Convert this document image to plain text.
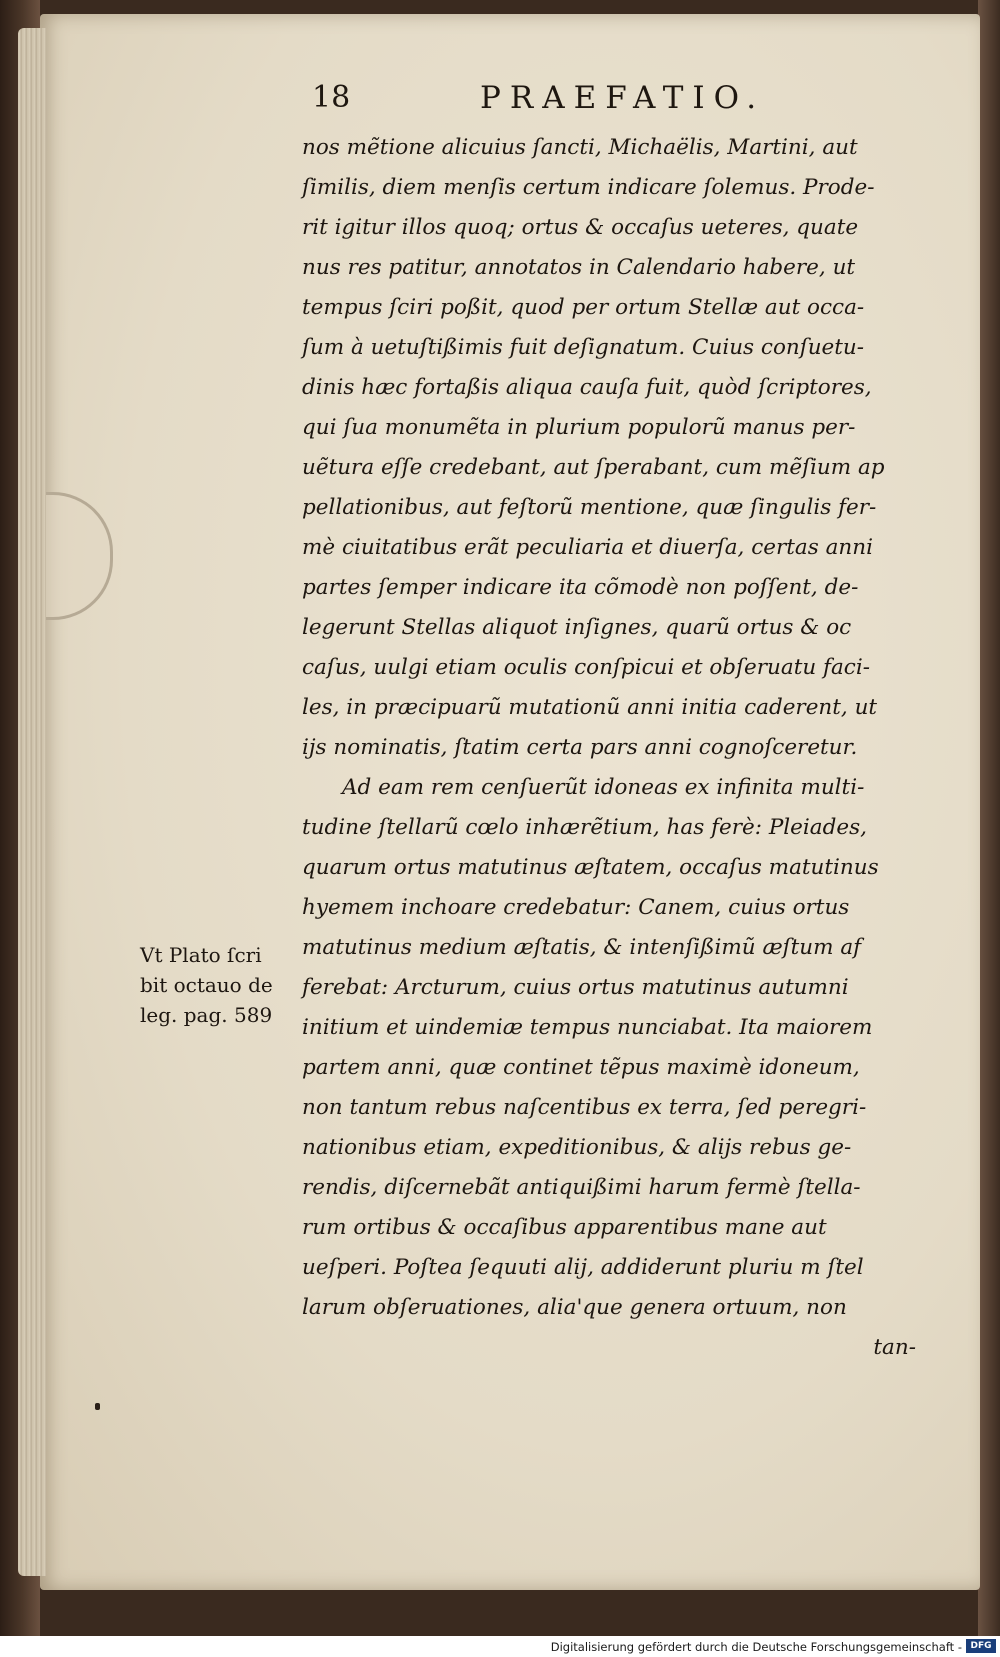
18	PRAEFATIO.
nos mẽtione alicuius ſancti, Michaëlis, Martini, aut
ſimilis, diem menſis certum indicare ſolemus. Prode-
rit igitur illos quoq; ortus & occaſus ueteres, quate
nus res patitur, annotatos in Calendario habere, ut
tempus ſciri poßit, quod per ortum Stellæ aut occa-
ſum à uetuſtißimis fuit deſignatum. Cuius conſuetu-
dinis hæc fortaßis aliqua cauſa fuit, quòd ſcriptores,
qui ſua monumẽta in plurium populorũ manus per-
uẽtura eſſe credebant, aut ſperabant, cum mẽſium ap
pellationibus, aut feſtorũ mentione, quæ ſingulis fer-
mè ciuitatibus erãt peculiaria et diuerſa, certas anni
partes ſemper indicare ita cõmodè non poſſent, de-
legerunt Stellas aliquot inſignes, quarũ ortus & oc
caſus, uulgi etiam oculis conſpicui et obſeruatu faci-
les, in præcipuarũ mutationũ anni initia caderent, ut
ijs nominatis, ſtatim certa pars anni cognoſceretur.
Ad eam rem cenſuerũt idoneas ex infinita multi-
tudine ſtellarũ cœlo inhærẽtium, has ferè: Pleiades,
quarum ortus matutinus æſtatem, occaſus matutinus
hyemem inchoare credebatur: Canem, cuius ortus
matutinus medium æſtatis, & intenſißimũ æſtum af
ferebat: Arcturum, cuius ortus matutinus autumni
initium et uindemiæ tempus nunciabat. Ita maiorem
partem anni, quæ continet tẽpus maximè idoneum,
non tantum rebus naſcentibus ex terra, ſed peregri-
nationibus etiam, expeditionibus, & alijs rebus ge-
rendis, diſcernebãt antiquißimi harum fermè ſtella-
rum ortibus & occaſibus apparentibus mane aut
ueſperi. Poſtea ſequuti alij, addiderunt pluriu m ſtel
larum obſeruationes, alia'que genera ortuum, non
tan-
Vt Plato ſcri
bit octauo de
leg. pag. 589
Digitalisierung gefördert durch die Deutsche Forschungsgemeinschaft - DFG
